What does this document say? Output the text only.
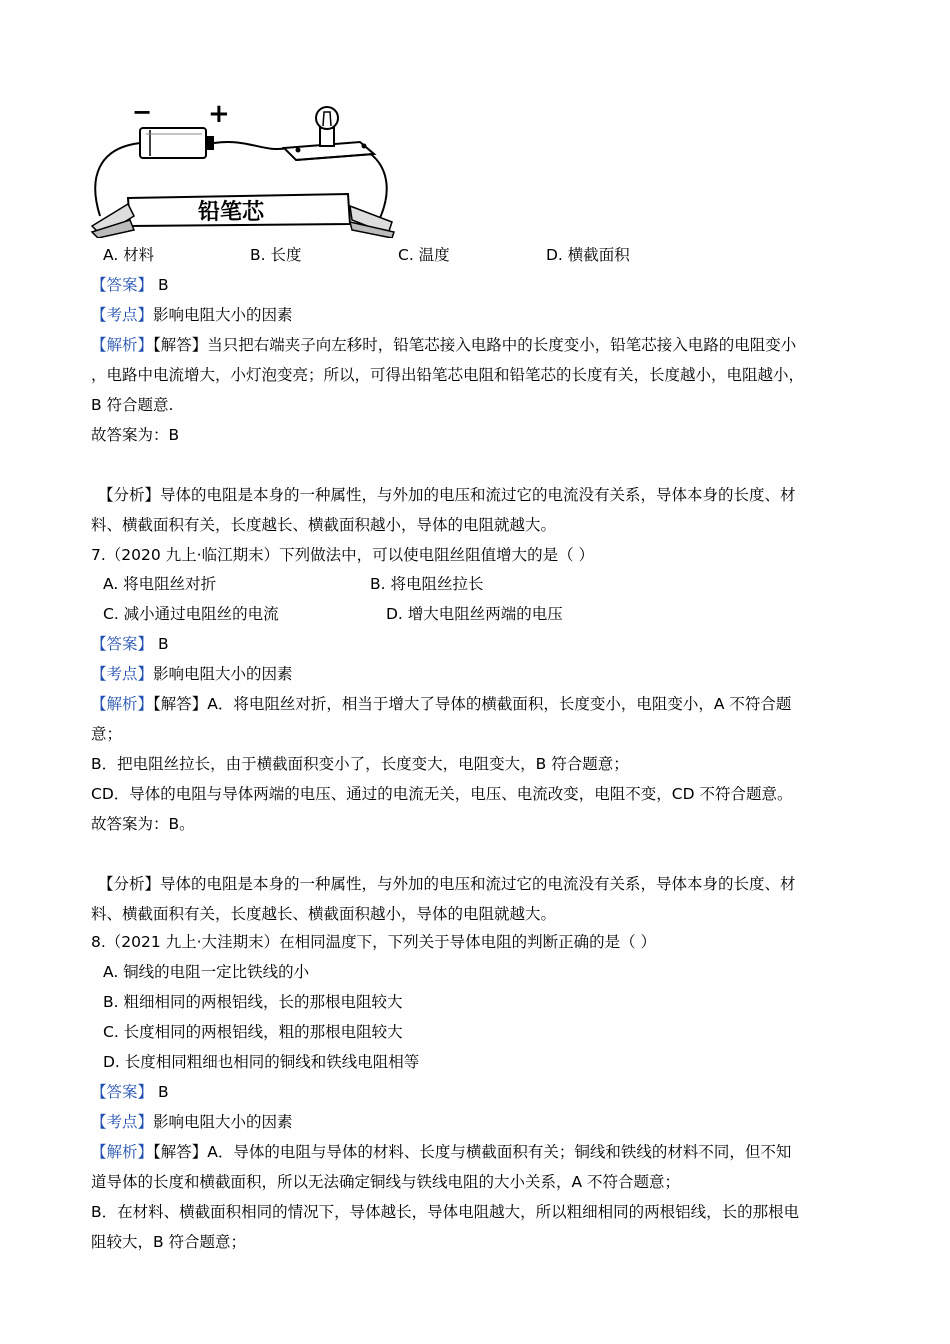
− +
铅笔芯
A. 材料	B. 长度	C. 温度	D. 横截面积
【答案】 B
【考点】影响电阻大小的因素
【解析】【解答】当只把右端夹子向左移时，铅笔芯接入电路中的长度变小，铅笔芯接入电路的电阻变小
，电路中电流增大，小灯泡变亮；所以，可得出铅笔芯电阻和铅笔芯的长度有关，长度越小，电阻越小，
B 符合题意.
故答案为：B
【分析】导体的电阻是本身的一种属性，与外加的电压和流过它的电流没有关系，导体本身的长度、材
料、横截面积有关，长度越长、横截面积越小，导体的电阻就越大。
7.（2020 九上·临江期末）下列做法中，可以使电阻丝阻值增大的是（ ）
A. 将电阻丝对折	B. 将电阻丝拉长
C. 减小通过电阻丝的电流	D. 增大电阻丝两端的电压
【答案】 B
【考点】影响电阻大小的因素
【解析】【解答】A．将电阻丝对折，相当于增大了导体的横截面积，长度变小，电阻变小，A 不符合题
意；
B．把电阻丝拉长，由于横截面积变小了，长度变大，电阻变大，B 符合题意；
CD．导体的电阻与导体两端的电压、通过的电流无关，电压、电流改变，电阻不变，CD 不符合题意。
故答案为：B。
【分析】导体的电阻是本身的一种属性，与外加的电压和流过它的电流没有关系，导体本身的长度、材
料、横截面积有关，长度越长、横截面积越小，导体的电阻就越大。
8.（2021 九上·大洼期末）在相同温度下，下列关于导体电阻的判断正确的是（ ）
A. 铜线的电阻一定比铁线的小
B. 粗细相同的两根铝线，长的那根电阻较大
C. 长度相同的两根铝线，粗的那根电阻较大
D. 长度相同粗细也相同的铜线和铁线电阻相等
【答案】 B
【考点】影响电阻大小的因素
【解析】【解答】A．导体的电阻与导体的材料、长度与横截面积有关；铜线和铁线的材料不同，但不知
道导体的长度和横截面积，所以无法确定铜线与铁线电阻的大小关系，A 不符合题意；
B．在材料、横截面积相同的情况下，导体越长，导体电阻越大，所以粗细相同的两根铝线，长的那根电
阻较大，B 符合题意；
